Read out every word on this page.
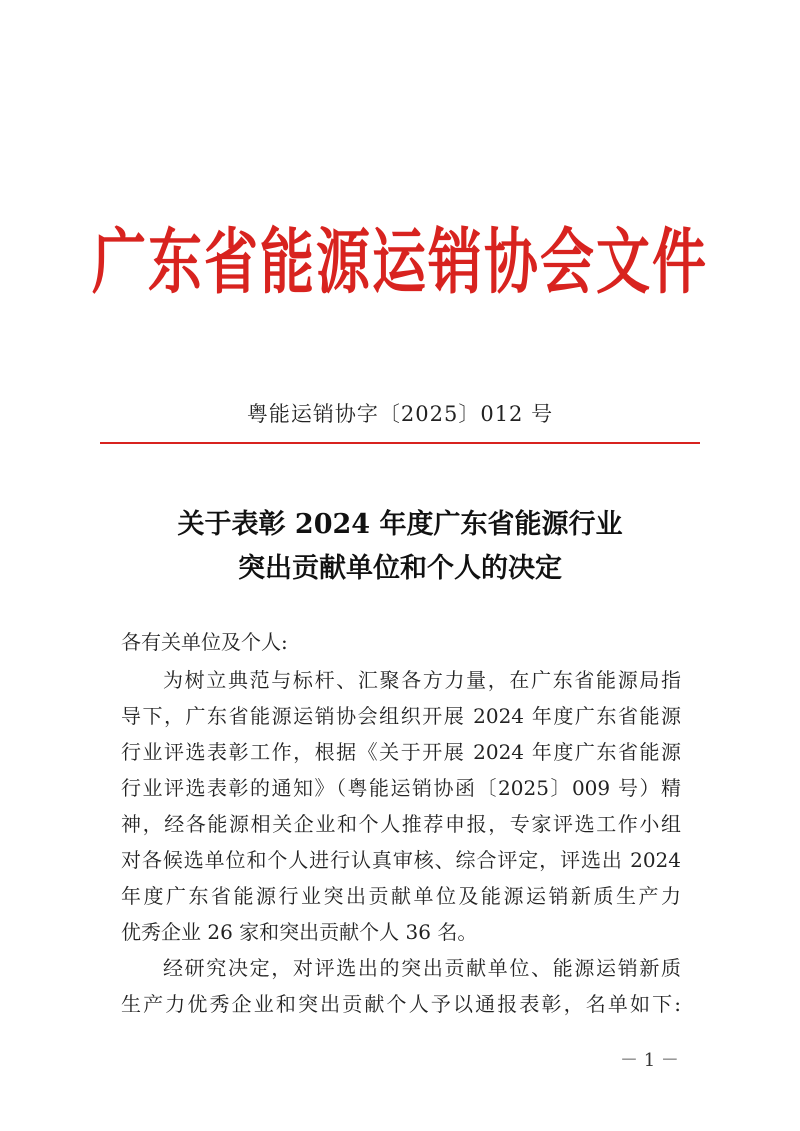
广东省能源运销协会文件
粤能运销协字〔2025〕012 号
关于表彰 2024 年度广东省能源行业
突出贡献单位和个人的决定
各有关单位及个人:
为树立典范与标杆、汇聚各方力量，在广东省能源局指
导下，广东省能源运销协会组织开展 2024 年度广东省能源
行业评选表彰工作，根据《关于开展 2024 年度广东省能源
行业评选表彰的通知》（粤能运销协函〔2025〕009 号）精
神，经各能源相关企业和个人推荐申报，专家评选工作小组
对各候选单位和个人进行认真审核、综合评定，评选出 2024
年度广东省能源行业突出贡献单位及能源运销新质生产力
优秀企业 26 家和突出贡献个人 36 名。
经研究决定，对评选出的突出贡献单位、能源运销新质
生产力优秀企业和突出贡献个人予以通报表彰，名单如下:
－ 1 －
